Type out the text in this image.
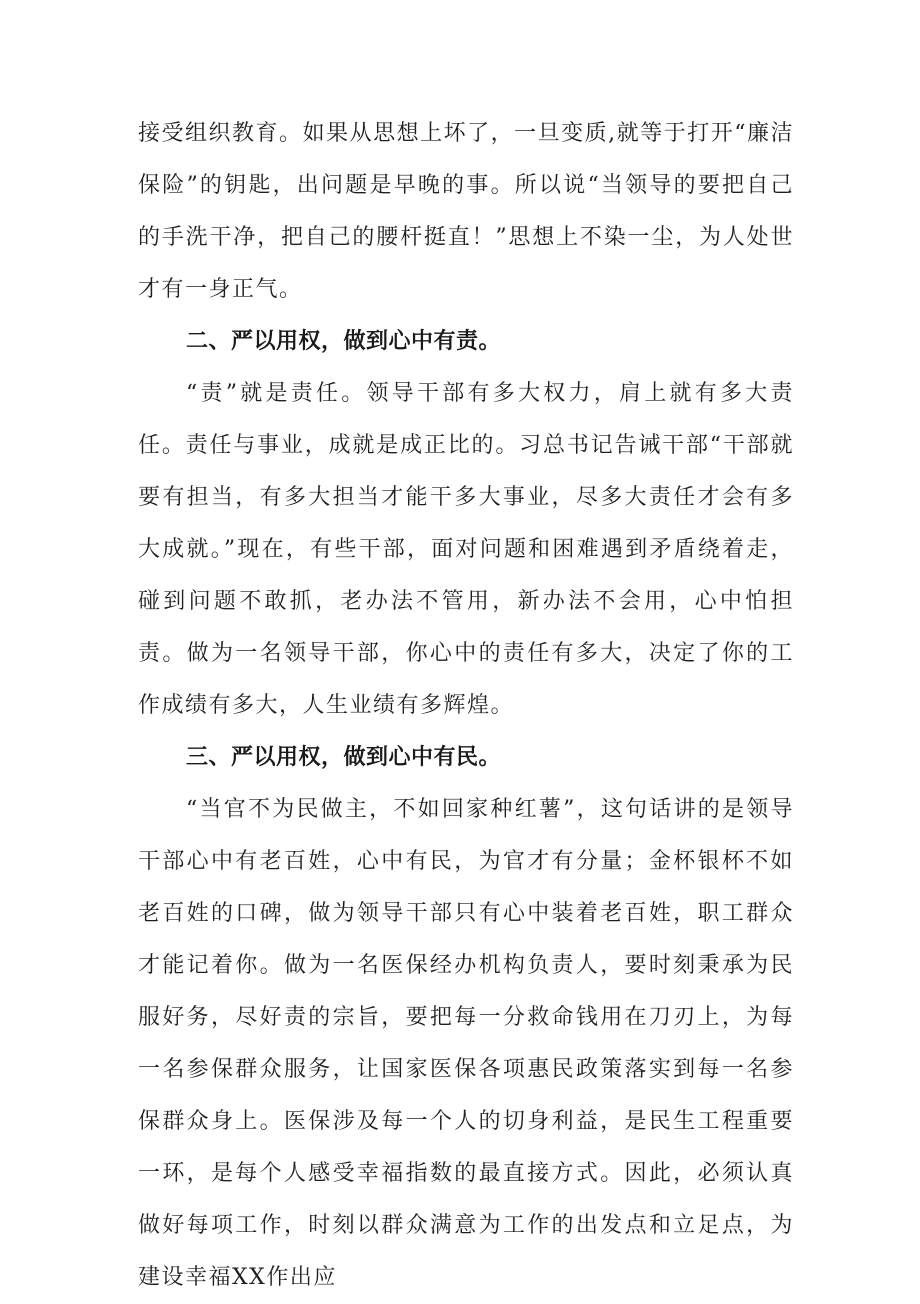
接受组织教育。如果从思想上坏了，一旦变质,就等于打开“廉洁保险”的钥匙，出问题是早晚的事。所以说“当领导的要把自己的手洗干净，把自己的腰杆挺直！”思想上不染一尘，为人处世才有一身正气。

二、严以用权，做到心中有责。

“责”就是责任。领导干部有多大权力，肩上就有多大责任。责任与事业，成就是成正比的。习总书记告诫干部“干部就要有担当，有多大担当才能干多大事业，尽多大责任才会有多大成就。”现在，有些干部，面对问题和困难遇到矛盾绕着走，碰到问题不敢抓，老办法不管用，新办法不会用，心中怕担责。做为一名领导干部，你心中的责任有多大，决定了你的工作成绩有多大，人生业绩有多辉煌。

三、严以用权，做到心中有民。

“当官不为民做主，不如回家种红薯”，这句话讲的是领导干部心中有老百姓，心中有民，为官才有分量；金杯银杯不如老百姓的口碑，做为领导干部只有心中装着老百姓，职工群众才能记着你。做为一名医保经办机构负责人，要时刻秉承为民服好务，尽好责的宗旨，要把每一分救命钱用在刀刃上，为每一名参保群众服务，让国家医保各项惠民政策落实到每一名参保群众身上。医保涉及每一个人的切身利益，是民生工程重要一环，是每个人感受幸福指数的最直接方式。因此，必须认真做好每项工作，时刻以群众满意为工作的出发点和立足点，为建设幸福XX作出应
